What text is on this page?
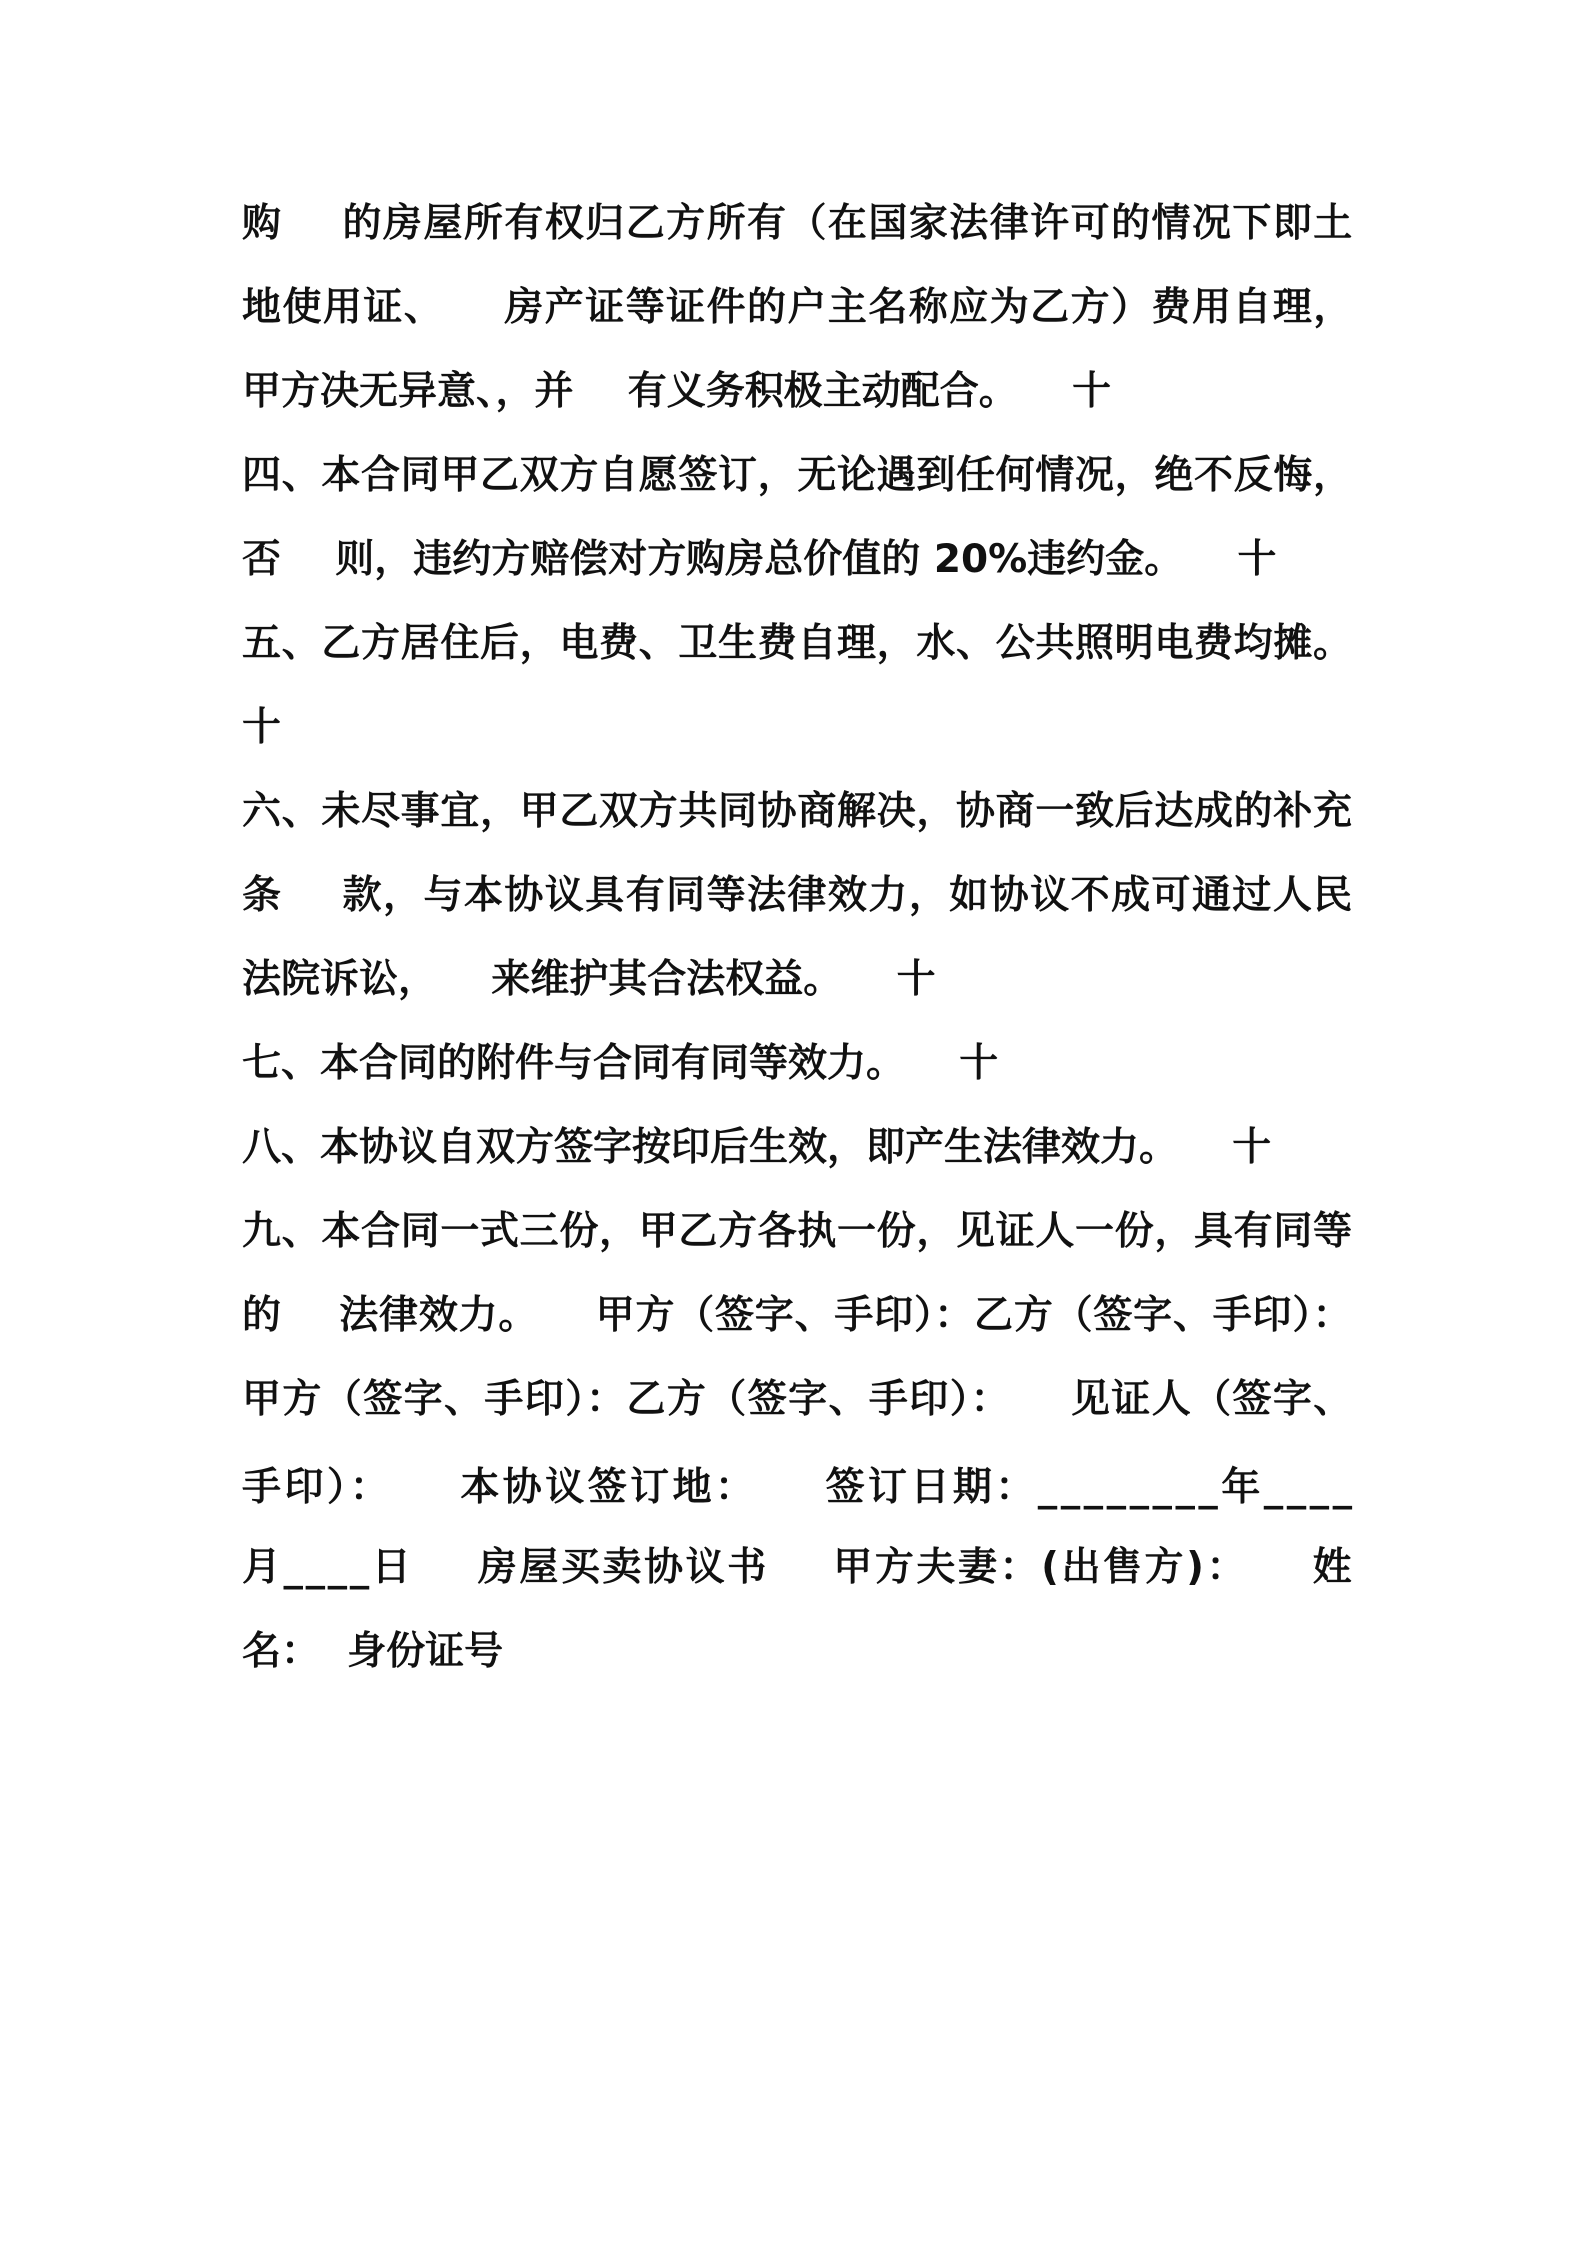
购    的房屋所有权归乙方所有（在国家法律许可的情况下即土

地使用证、    房产证等证件的户主名称应为乙方）费用自理，

甲方决无异意、，并    有义务积极主动配合。    十

四、本合同甲乙双方自愿签订，无论遇到任何情况，绝不反悔，

否    则，违约方赔偿对方购房总价值的 20%违约金。    十

五、乙方居住后，电费、卫生费自理，水、公共照明电费均摊。

十

六、未尽事宜，甲乙双方共同协商解决，协商一致后达成的补充

条    款，与本协议具有同等法律效力，如协议不成可通过人民

法院诉讼，    来维护其合法权益。    十

七、本合同的附件与合同有同等效力。    十

八、本协议自双方签字按印后生效，即产生法律效力。    十

九、本合同一式三份，甲乙方各执一份，见证人一份，具有同等

的    法律效力。    甲方（签字、手印）：乙方（签字、手印）：

甲方（签字、手印）：乙方（签字、手印）：    见证人（签字、

手印）：    本协议签订地：    签订日期：________年____

月____日    房屋买卖协议书    甲方夫妻：(出售方)：    姓

名：  身份证号
